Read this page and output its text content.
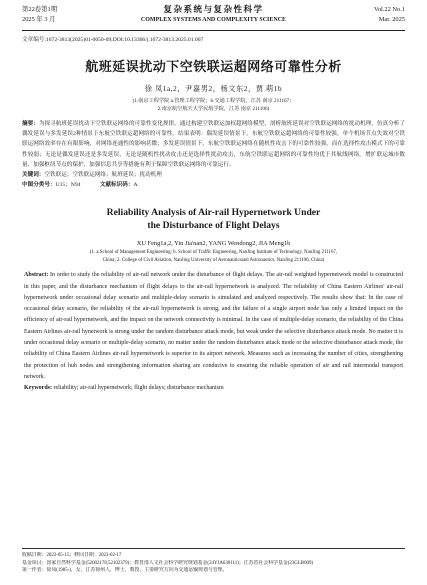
第22卷第1期
2025 年 3 月
复杂系统与复杂性科学
COMPLEX SYSTEMS AND COMPLEXITY SCIENCE
Vol.22 No.1
Mar. 2025
文章编号:1672-3813(2025)01-0050-09;DOI:10.13306/j.1672-3813.2025.01.007
航班延误扰动下空铁联运超网络可靠性分析
徐 凤1a,2，尹嘉男2，杨文东2，贾 萌1b
(1.南京工程学院 a.管理工程学院；b.交通工程学院，江苏 南京 211167；
2.南京航空航天大学民航学院，江苏 南京 211106)
摘要：为探寻航班延误扰动下空铁联运网络的可靠性变化规律，通过构建空铁联运加权超网络模型，剖析航班延误对空铁联运网络的扰动机理，仿真分析了偶发延误与多发延误2种情景下东航空铁联运超网络的可靠性。结果表明：偶发延误情景下，东航空铁联运超网络的可靠性较强，单个机场节点失效对空铁联运网络效率存在有限影响，对网络连通性的影响甚微；多发延误情景下，东航空铁联运网络在随机性攻击下的可靠性较强，而在选择性攻击模式下的可靠性较弱；无论是偶发延误还是多发延误，无论是随机性扰动攻击还是选择性扰动攻击，东航空铁联运超网络的可靠性均优于其航线网络。增扩联运城市数量、加强枢纽节点的保护，加强信息共享等措施有利于保障空铁联运网络的可靠运行。
关键词：空铁联运；空铁联运网络；航班延误；扰动机理
中图分类号：U15；N94	文献标识码：A
Reliability Analysis of Air-rail Hypernetwork Under
the Disturbance of Flight Delays
XU Feng1a,2, Yin Jia'nan2, YANG Wendong2, JIA Meng1b
(1. a.School of Management Engineering; b. School of Traffic Engineering, NanJing Institute of Technology, NanJing 211167,
China; 2. College of Civil Aviation, NanJing University of Aeronauticsand Astronautics, NanJing 211106, China)
Abstract: In order to study the reliability of air-rail network under the disturbance of flight delays. The air-rail weighted hypernetwork model is constructed in this paper, and the disturbance mechanism of flight delays to the air-rail hypernetwork is analyzed. The reliability of China Eastern Airlines' air-rail hypernetwork under occasional delay scenario and multiple-delay scenario is simulated and analyzed respectively. The results show that: In the case of occasional delay scenario, the reliability of the air-rail hypernetwork is strong, and the failure of a single airport node has only a limited impact on the efficiency of air-rail hypernetwork, and the impact on the network connectivity is minimal. In the case of multiple-delay scenario, the reliability of the China Eastern Airlines air-rail hynetwork is strong under the random disturbance attack mode, but weak under the selective disturbance attack mode. No matter it is under occasional delay scenario or multiple-delay scenario, no matter under the random disturbance attack mode or the selective disturbance attack mode, the reliability of China Eastern Airlines air-rail hypernetwork is superior to its airport network. Measures such as increasing the number of cities, strengthening the protection of hub nodes and strengthening information sharing are conducive to ensuring the reliable operation of air and rail intermodal transport network.
Keywords: reliability; air-rail hypernetwork; flight delays; disturbance mechanism
收稿日期：2023-05-15；修回日期：2023-02-17
基金项目：国家自然科学基金(52002178,52102379)；教育部人文社会科学研究规划基金(24YJA630111)；江苏省社会科学基金(23GLB009)
第一作者：徐凤(1985-)，女，江苏徐州人，博士，教授，主要研究方向为交通运输规划与管理。
